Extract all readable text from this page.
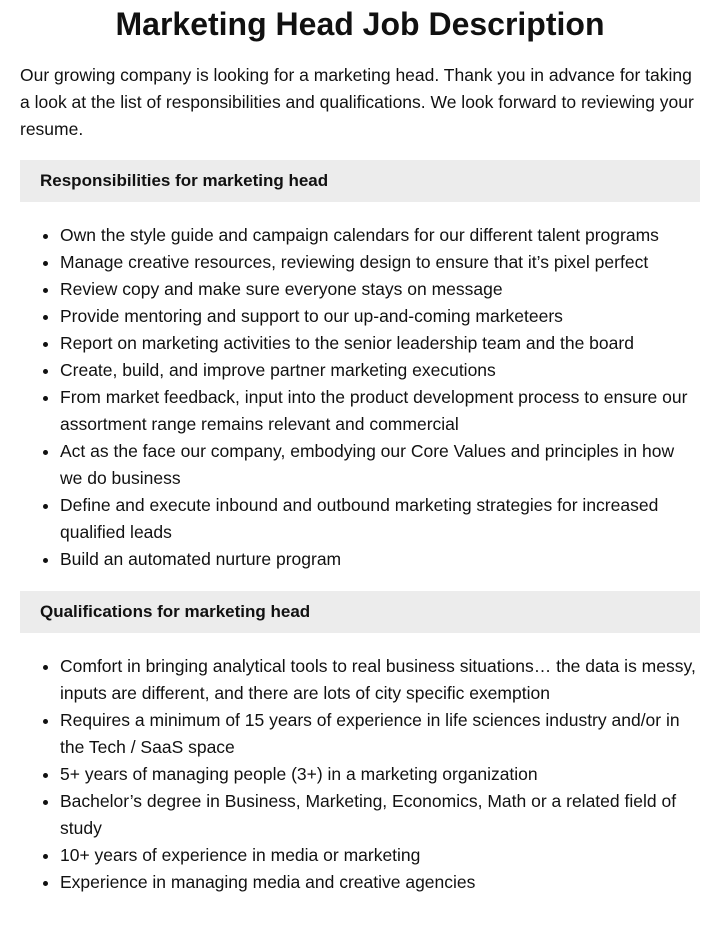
Marketing Head Job Description

Our growing company is looking for a marketing head. Thank you in advance for taking a look at the list of responsibilities and qualifications. We look forward to reviewing your resume.

Responsibilities for marketing head
• Own the style guide and campaign calendars for our different talent programs
• Manage creative resources, reviewing design to ensure that it’s pixel perfect
• Review copy and make sure everyone stays on message
• Provide mentoring and support to our up-and-coming marketeers
• Report on marketing activities to the senior leadership team and the board
• Create, build, and improve partner marketing executions
• From market feedback, input into the product development process to ensure our assortment range remains relevant and commercial
• Act as the face our company, embodying our Core Values and principles in how we do business
• Define and execute inbound and outbound marketing strategies for increased qualified leads
• Build an automated nurture program
Qualifications for marketing head
• Comfort in bringing analytical tools to real business situations… the data is messy, inputs are different, and there are lots of city specific exemption
• Requires a minimum of 15 years of experience in life sciences industry and/or in the Tech / SaaS space
• 5+ years of managing people (3+) in a marketing organization
• Bachelor’s degree in Business, Marketing, Economics, Math or a related field of study
• 10+ years of experience in media or marketing
• Experience in managing media and creative agencies
